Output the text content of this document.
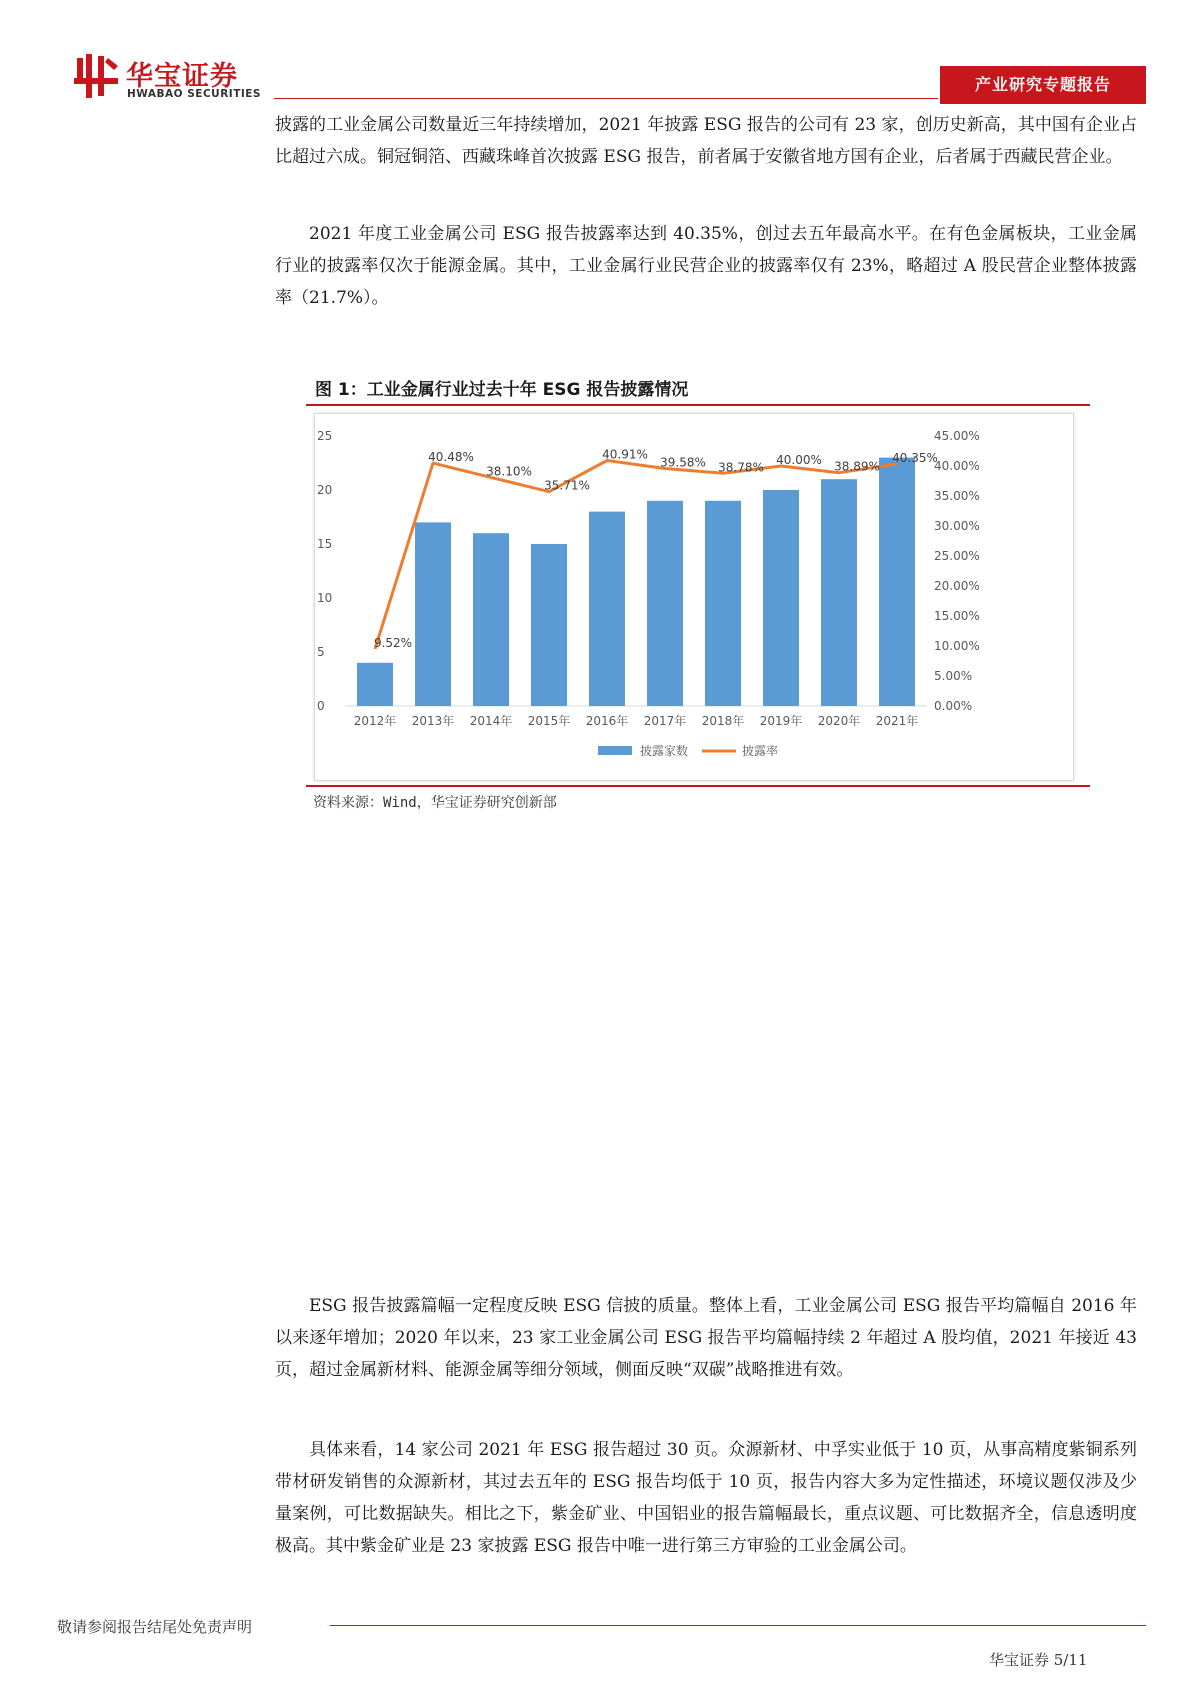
华宝证券
HWABAO SECURITIES	产业研究专题报告
披露的工业金属公司数量近三年持续增加，2021 年披露 ESG 报告的公司有 23 家，创历史新高，其中国有企业占比超过六成。铜冠铜箔、西藏珠峰首次披露 ESG 报告，前者属于安徽省地方国有企业，后者属于西藏民营企业。
2021 年度工业金属公司 ESG 报告披露率达到 40.35%，创过去五年最高水平。在有色金属板块，工业金属行业的披露率仅次于能源金属。其中，工业金属行业民营企业的披露率仅有 23%，略超过 A 股民营企业整体披露率（21.7%）。
图 1：工业金属行业过去十年 ESG 报告披露情况
0
5
10
15
20
25
0.00%
5.00%
10.00%
15.00%
20.00%
25.00%
30.00%
35.00%
40.00%
45.00%
2012年 2013年 2014年 2015年 2016年 2017年 2018年 2019年 2020年 2021年
9.52%
40.48%
38.10%
35.71%
40.91%
39.58% 38.78%
40.00% 38.89%
40.35%
披露家数	披露率
资料来源：Wind，华宝证券研究创新部
ESG 报告披露篇幅一定程度反映 ESG 信披的质量。整体上看，工业金属公司 ESG 报告平均篇幅自 2016 年以来逐年增加；2020 年以来，23 家工业金属公司 ESG 报告平均篇幅持续 2 年超过 A 股均值，2021 年接近 43 页，超过金属新材料、能源金属等细分领域，侧面反映“双碳”战略推进有效。
具体来看，14 家公司 2021 年 ESG 报告超过 30 页。众源新材、中孚实业低于 10 页，从事高精度紫铜系列带材研发销售的众源新材，其过去五年的 ESG 报告均低于 10 页，报告内容大多为定性描述，环境议题仅涉及少量案例，可比数据缺失。相比之下，紫金矿业、中国铝业的报告篇幅最长，重点议题、可比数据齐全，信息透明度极高。其中紫金矿业是 23 家披露 ESG 报告中唯一进行第三方审验的工业金属公司。
敬请参阅报告结尾处免责声明
华宝证券 5/11
